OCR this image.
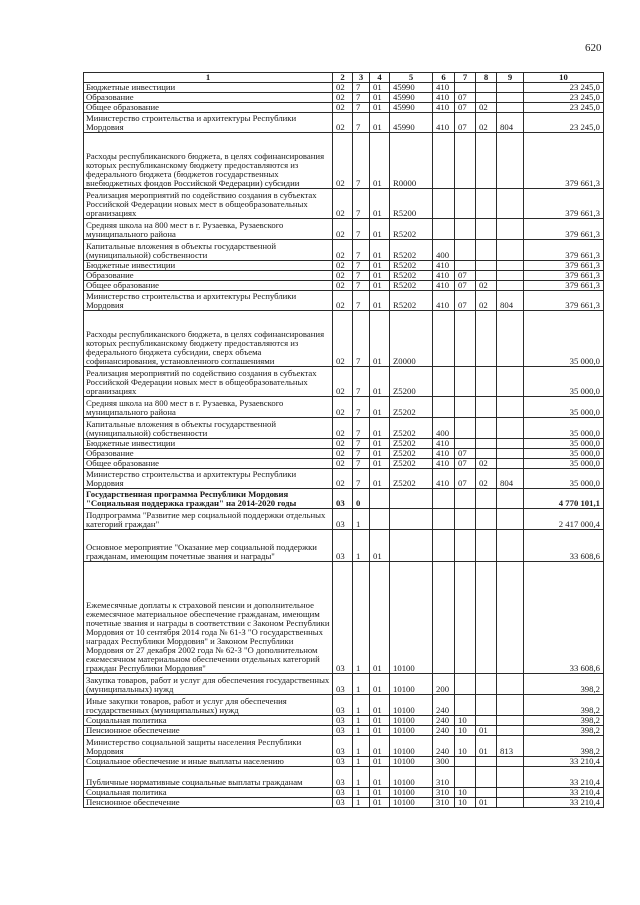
620
1	2	3	4	5	6	7	8	9	10
Бюджетные инвестиции	02	7	01	45990	410				23 245,0
Образование	02	7	01	45990	410	07			23 245,0
Общее образование	02	7	01	45990	410	07	02		23 245,0
Министерство строительства и архитектуры Республики Мордовия	02	7	01	45990	410	07	02	804	23 245,0
Расходы республиканского бюджета, в целях софинансирования которых республиканскому бюджету предоставляются из федерального бюджета (бюджетов государственных внебюджетных фондов Российской Федерации) субсидии	02	7	01	R0000					379 661,3
Реализация мероприятий по содействию создания в субъектах Российской Федерации новых мест в общеобразовательных организациях	02	7	01	R5200					379 661,3
Средняя школа на 800 мест в г. Рузаевка, Рузаевского муниципального района	02	7	01	R5202					379 661,3
Капитальные вложения в объекты государственной (муниципальной) собственности	02	7	01	R5202	400				379 661,3
Бюджетные инвестиции	02	7	01	R5202	410				379 661,3
Образование	02	7	01	R5202	410	07			379 661,3
Общее образование	02	7	01	R5202	410	07	02		379 661,3
Министерство строительства и архитектуры Республики Мордовия	02	7	01	R5202	410	07	02	804	379 661,3
Расходы республиканского бюджета, в целях софинансирования которых республиканскому бюджету предоставляются из федерального бюджета субсидии, сверх объема софинансирования, установленного соглашениями	02	7	01	Z0000					35 000,0
Реализация мероприятий по содействию создания в субъектах Российской Федерации новых мест в общеобразовательных организациях	02	7	01	Z5200					35 000,0
Средняя школа на 800 мест в г. Рузаевка, Рузаевского муниципального района	02	7	01	Z5202					35 000,0
Капитальные вложения в объекты государственной (муниципальной) собственности	02	7	01	Z5202	400				35 000,0
Бюджетные инвестиции	02	7	01	Z5202	410				35 000,0
Образование	02	7	01	Z5202	410	07			35 000,0
Общее образование	02	7	01	Z5202	410	07	02		35 000,0
Министерство строительства и архитектуры Республики Мордовия	02	7	01	Z5202	410	07	02	804	35 000,0
Государственная программа Республики Мордовия "Социальная поддержка граждан" на 2014-2020 годы	03	0							4 770 101,1
Подпрограмма "Развитие мер социальной поддержки отдельных категорий граждан"	03	1							2 417 000,4
Основное мероприятие "Оказание мер социальной поддержки гражданам, имеющим почетные звания и награды"	03	1	01						33 608,6
Ежемесячные доплаты к страховой пенсии и дополнительное ежемесячное материальное обеспечение гражданам, имеющим почетные звания и награды в соответствии с Законом Республики Мордовия от 10 сентября 2014 года № 61-З "О государственных наградах Республики Мордовия" и Законом Республики Мордовия от 27 декабря 2002 года № 62-З "О дополнительном ежемесячном материальном обеспечении отдельных категорий граждан Республики Мордовия"	03	1	01	10100					33 608,6
Закупка товаров, работ и услуг для обеспечения государственных (муниципальных) нужд	03	1	01	10100	200				398,2
Иные закупки товаров, работ и услуг для обеспечения государственных (муниципальных) нужд	03	1	01	10100	240				398,2
Социальная политика	03	1	01	10100	240	10			398,2
Пенсионное обеспечение	03	1	01	10100	240	10	01		398,2
Министерство социальной защиты населения Республики Мордовия	03	1	01	10100	240	10	01	813	398,2
Социальное обеспечение и иные выплаты населению	03	1	01	10100	300				33 210,4
Публичные нормативные социальные выплаты гражданам	03	1	01	10100	310				33 210,4
Социальная политика	03	1	01	10100	310	10			33 210,4
Пенсионное обеспечение	03	1	01	10100	310	10	01		33 210,4
